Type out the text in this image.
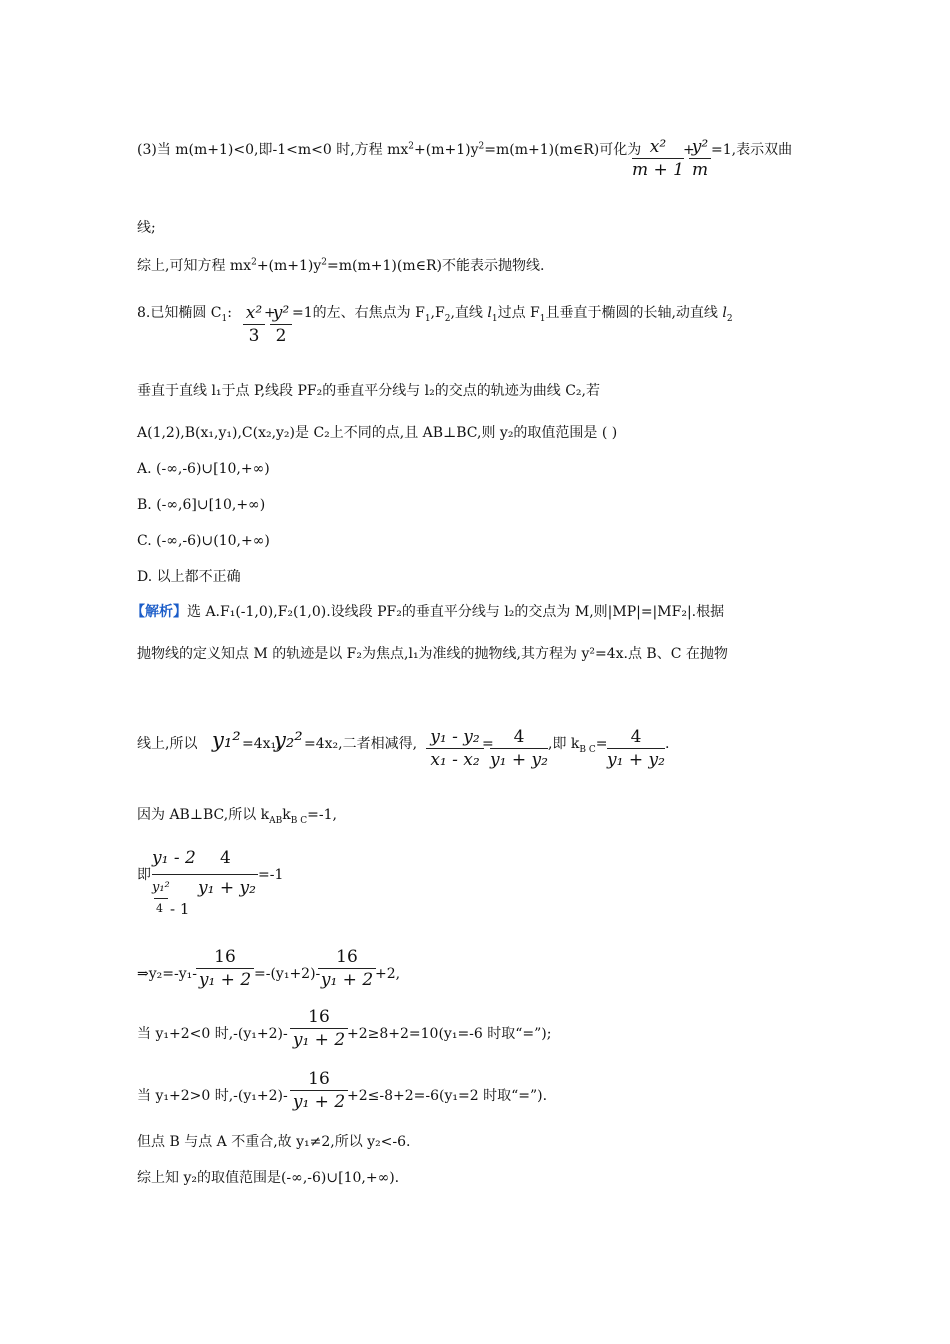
(3)当 m(m+1)<0,即-1<m<0 时,方程 $mx^2+(m+1)y^2=m(m+1)(m\in R)$可化为
$\frac{\text{x²}}{m + 1}$ +
$\frac{\text{y²}}{m} =1$,表示双曲
线;
综上,可知方程 $mx^2+(m+1)y^2=m(m+1)(m\in R)$不能表示抛物线.
8.已知椭圆 $C_1$: $\frac{\text{x²}}{3}$ +
$\frac{\text{y²}}{2} =1$的左、右焦点为 $F_1,F_2$,直线 $l_1$过点 $F_1$且垂直于椭圆的长轴,动直线 $l_2$
垂直于直线 l₁于点 P,线段 PF₂的垂直平分线与 l₂的交点的轨迹为曲线 C₂,若
A(1,2),B(x₁,y₁),C(x₂,y₂)是 C₂上不同的点,且 AB⊥BC,则 y₂的取值范围是 ( )
A. (-∞,-6)∪[10,+∞)
B. (-∞,6]∪[10,+∞)
C. (-∞,-6)∪(10,+∞)
D. 以上都不正确
【解析】选 A.F₁(-1,0),F₂(1,0).设线段 PF₂的垂直平分线与 l₂的交点为 M,则|MP|=|MF₂|.根据
抛物线的定义知点 M 的轨迹是以 F₂为焦点,l₁为准线的抛物线,其方程为 y²=4x.点 B、C 在抛物
线上,所以 y₁² =4x₁,
y₂² =4x₂,二者相减得, $\frac{\text{y₁ - y₂}}{\text{x₁ - x₂}}$
=
$\frac{4}{\text{y₁ + y₂}}$ ,即 $k_{B C}= \frac{4}{\text{y₁ + y₂}}$ .
因为 AB⊥BC,所以 $k_{AB}k_{B C}=-1$,
即
y₁ - 2 4
y₁²
4 - 1
y₁ + y₂
=-1
⇒y₂=-y₁- $\frac{16}{\text{y₁ + 2}} =-(y_1+2)-$
$\frac{16}{\text{y₁ + 2}} +2$,
当 y₁+2<0 时$,-(y_1+2)- \frac{16}{\text{y₁ + 2}} +2\ge 8+2=10(y_1=-6$ 时取“=”);
当 y₁+2>0 时$,-(y_1+2)- \frac{16}{\text{y₁ + 2}} +2\le-8+2=-6(y_1=2$ 时取“=”).
但点 B 与点 A 不重合,故 y₁≠2,所以 y₂<-6.
综上知 y₂的取值范围是(-∞,-6)∪[10,+∞).
